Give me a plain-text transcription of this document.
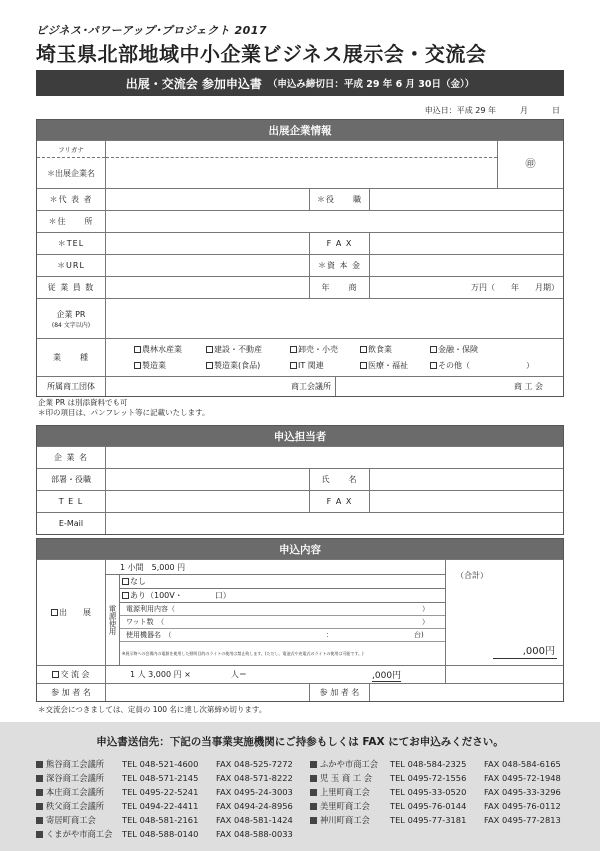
ビジネス･パワーアップ･プロジェクト 2017
埼玉県北部地域中小企業ビジネス展示会・交流会
出展・交流会 参加申込書 （申込み締切日：平成 29 年 6 月 30日（金））
申込日：平成 29 年　　　月　　　日
出展企業情報
フリガナ
＊出展企業名
㊞
＊代 表 者	＊役　　職
＊住　　所
＊TEL	F A X
＊URL	＊資 本 金
従 業 員 数	年　　商	万円（　　年　　月期）
企業 PR
(84 文字以内)
業　　種
農林水産業	建設・不動産	卸売・小売	飲食業	金融・保険
製造業	製造業(食品)	IT 関連	医療・福祉	その他（　　　　　　　）
所属商工団体	商工会議所	商 工 会
企業 PR は別添資料でも可
＊印の項目は、パンフレット等に記載いたします。
申込担当者
企 業 名
部署・役職	氏　　名
T E L	F A X
E-Mail
申込内容
出　　展
1 小間　5,000 円
電源使用
なし
あり（100V・　　　　口）
電源利用内容（	）
ワット数　（	）
使用機器名　（	：	台)
※展示物への会場内の電源を使用した照明目的のライトの使用は禁止致します。(ただし、電池式や充電式のライトの使用は可能です。)
（合計）
,000円
交 流 会	1 人 3,000 円 ×　　　　　人＝	,000円
参 加 者 名	参 加 者 名
＊交流会につきましては、定員の 100 名に達し次第締め切ります。
申込書送信先：下記の当事業実施機関にご持参もしくは FAX にてお申込みください。
熊谷商工会議所	TEL 048-521-4600	FAX 048-525-7272
深谷商工会議所	TEL 048-571-2145	FAX 048-571-8222
本庄商工会議所	TEL 0495-22-5241	FAX 0495-24-3003
秩父商工会議所	TEL 0494-22-4411	FAX 0494-24-8956
寄居町商工会	TEL 048-581-2161	FAX 048-581-1424
くまがや市商工会	TEL 048-588-0140	FAX 048-588-0033
ふかや市商工会	TEL 048-584-2325	FAX 048-584-6165
児 玉 商 工 会	TEL 0495-72-1556	FAX 0495-72-1948
上里町商工会	TEL 0495-33-0520	FAX 0495-33-3296
美里町商工会	TEL 0495-76-0144	FAX 0495-76-0112
神川町商工会	TEL 0495-77-3181	FAX 0495-77-2813
